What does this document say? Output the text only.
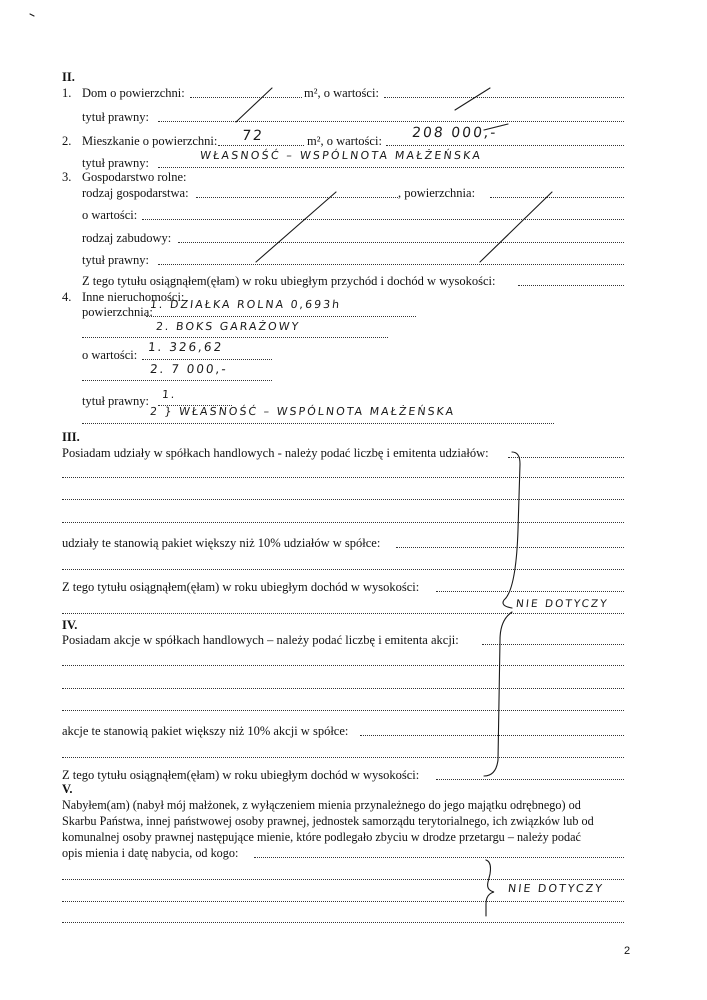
II.
1. Dom o powierzchni:	m², o wartości:
tytuł prawny:
2. Mieszkanie o powierzchni: 72	m², o wartości: 208 000,-
tytuł prawny:
WŁASNOŚĆ – WSPÓLNOTA MAŁŻEŃSKA
3. Gospodarstwo rolne:
rodzaj gospodarstwa:	, powierzchnia:
o wartości:
rodzaj zabudowy:
tytuł prawny:
Z tego tytułu osiągnąłem(ęłam) w roku ubiegłym przychód i dochód w wysokości:
4. Inne nieruchomości:
powierzchnia:
1. DZIAŁKA ROLNA 0,693h
2. BOKS GARAŻOWY
o wartości:
1. 326,62
2. 7 000,-
tytuł prawny: 1.
2 } WŁASNOŚĆ – WSPÓLNOTA MAŁŻEŃSKA
III.
Posiadam udziały w spółkach handlowych - należy podać liczbę i emitenta udziałów:
udziały te stanowią pakiet większy niż 10% udziałów w spółce:
Z tego tytułu osiągnąłem(ęłam) w roku ubiegłym dochód w wysokości:
NIE DOTYCZY
IV.
Posiadam akcje w spółkach handlowych – należy podać liczbę i emitenta akcji:
akcje te stanowią pakiet większy niż 10% akcji w spółce:
Z tego tytułu osiągnąłem(ęłam) w roku ubiegłym dochód w wysokości:
V.
Nabyłem(am) (nabył mój małżonek, z wyłączeniem mienia przynależnego do jego majątku odrębnego) od
Skarbu Państwa, innej państwowej osoby prawnej, jednostek samorządu terytorialnego, ich związków lub od
komunalnej osoby prawnej następujące mienie, które podlegało zbyciu w drodze przetargu – należy podać
opis mienia i datę nabycia, od kogo:
NIE DOTYCZY
2
